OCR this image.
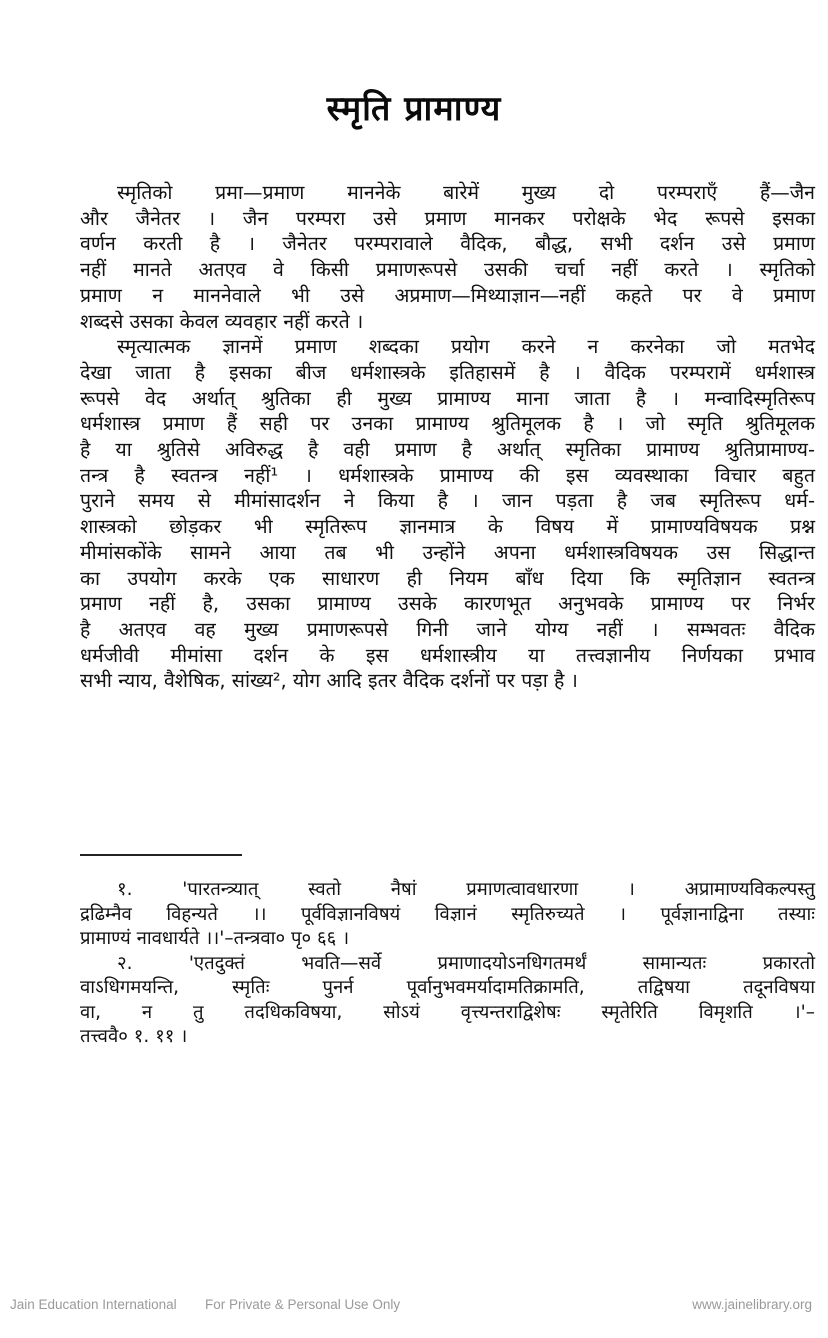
स्मृति प्रामाण्य
स्मृतिको प्रमा—प्रमाण माननेके बारेमें मुख्य दो परम्पराएँ हैं—जैन
और जैनेतर । जैन परम्परा उसे प्रमाण मानकर परोक्षके भेद रूपसे इसका
वर्णन करती है । जैनेतर परम्परावाले वैदिक, बौद्ध, सभी दर्शन उसे प्रमाण
नहीं मानते अतएव वे किसी प्रमाणरूपसे उसकी चर्चा नहीं करते । स्मृतिको
प्रमाण न माननेवाले भी उसे अप्रमाण—मिथ्याज्ञान—नहीं कहते पर वे प्रमाण
शब्दसे उसका केवल व्यवहार नहीं करते ।
स्मृत्यात्मक ज्ञानमें प्रमाण शब्दका प्रयोग करने न करनेका जो मतभेद
देखा जाता है इसका बीज धर्मशास्त्रके इतिहासमें है । वैदिक परम्परामें धर्मशास्त्र
रूपसे वेद अर्थात् श्रुतिका ही मुख्य प्रामाण्य माना जाता है । मन्वादिस्मृतिरूप
धर्मशास्त्र प्रमाण हैं सही पर उनका प्रामाण्य श्रुतिमूलक है । जो स्मृति श्रुतिमूलक
है या श्रुतिसे अविरुद्ध है वही प्रमाण है अर्थात् स्मृतिका प्रामाण्य श्रुतिप्रामाण्य-
तन्त्र है स्वतन्त्र नहीं¹ । धर्मशास्त्रके प्रामाण्य की इस व्यवस्थाका विचार बहुत
पुराने समय से मीमांसादर्शन ने किया है । जान पड़ता है जब स्मृतिरूप धर्म-
शास्त्रको छोड़कर भी स्मृतिरूप ज्ञानमात्र के विषय में प्रामाण्यविषयक प्रश्न
मीमांसकोंके सामने आया तब भी उन्होंने अपना धर्मशास्त्रविषयक उस सिद्धान्त
का उपयोग करके एक साधारण ही नियम बाँध दिया कि स्मृतिज्ञान स्वतन्त्र
प्रमाण नहीं है, उसका प्रामाण्य उसके कारणभूत अनुभवके प्रामाण्य पर निर्भर
है अतएव वह मुख्य प्रमाणरूपसे गिनी जाने योग्य नहीं । सम्भवतः वैदिक
धर्मजीवी मीमांसा दर्शन के इस धर्मशास्त्रीय या तत्त्वज्ञानीय निर्णयका प्रभाव
सभी न्याय, वैशेषिक, सांख्य², योग आदि इतर वैदिक दर्शनों पर पड़ा है ।
१. 'पारतन्त्र्यात् स्वतो नैषां प्रमाणत्वावधारणा । अप्रामाण्यविकल्पस्तु
द्रढिम्नैव विहन्यते ।। पूर्वविज्ञानविषयं विज्ञानं स्मृतिरुच्यते । पूर्वज्ञानाद्विना तस्याः
प्रामाण्यं नावधार्यते ।।'–तन्त्रवा० पृ० ६६ ।
२. 'एतदुक्तं भवति—सर्वे प्रमाणादयोऽनधिगतमर्थं सामान्यतः प्रकारतो
वाऽधिगमयन्ति, स्मृतिः पुनर्न पूर्वानुभवमर्यादामतिक्रामति, तद्विषया तदूनविषया
वा, न तु तदधिकविषया, सोऽयं वृत्त्यन्तराद्विशेषः स्मृतेरिति विमृशति ।'–
तत्त्ववै० १. ११ ।
Jain Education International For Private & Personal Use Only	www.jainelibrary.org
